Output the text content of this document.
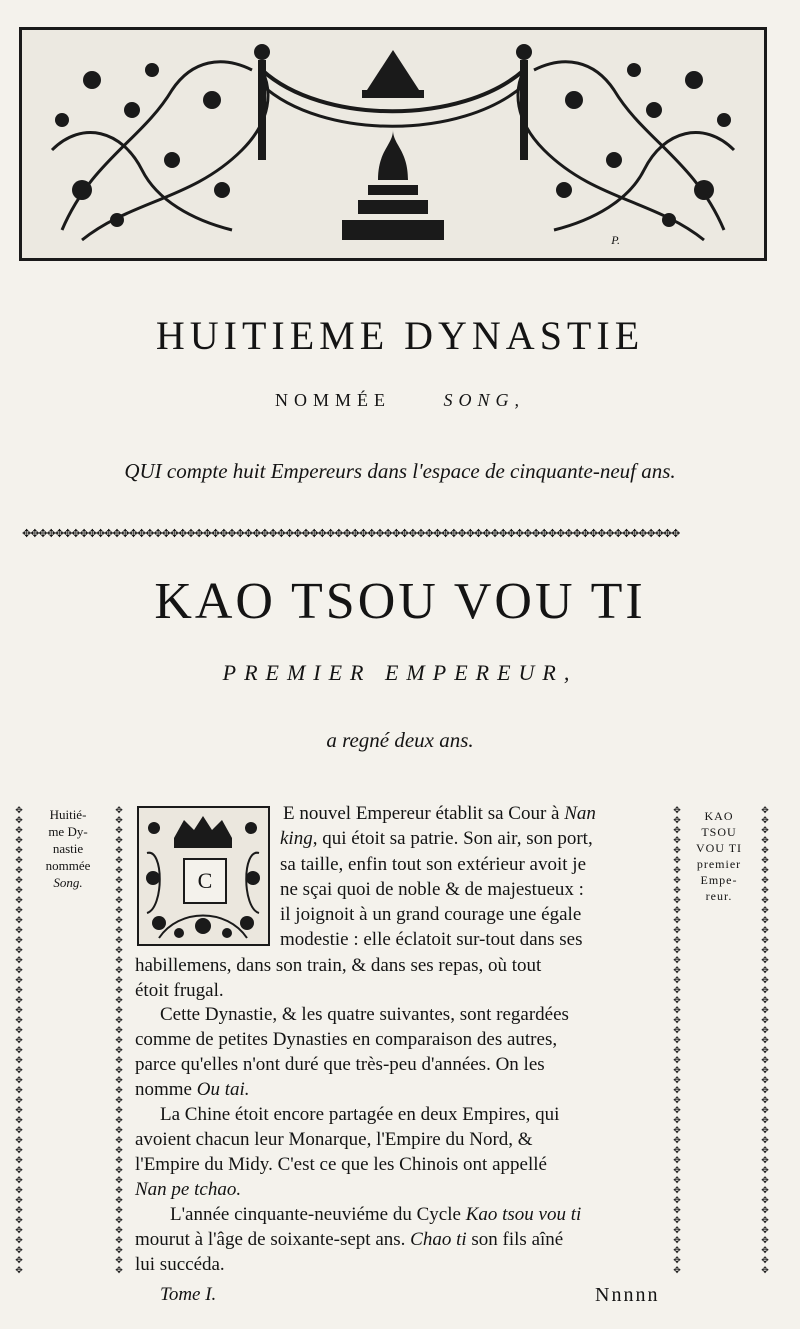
P.
HUITIEME DYNASTIE
NOMMÉE	SONG,
QUI compte huit Empereurs dans l'espace de cinquante-neuf ans.
✥✥✥✥✥✥✥✥✥✥✥✥✥✥✥✥✥✥✥✥✥✥✥✥✥✥✥✥✥✥✥✥✥✥✥✥✥✥✥✥✥✥✥✥✥✥✥✥✥✥✥✥✥✥✥✥✥✥✥✥✥✥✥✥✥✥✥✥✥✥✥✥✥✥✥✥✥✥✥✥
KAO TSOU VOU TI
PREMIER EMPEREUR,
a regné deux ans.
✥
✥
✥
✥
✥
✥
✥
✥
✥
✥
✥
✥
✥
✥
✥
✥
✥
✥
✥
✥
✥
✥
✥
✥
✥
✥
✥
✥
✥
✥
✥
✥
✥
✥
✥
✥
✥
✥
✥
✥
✥
✥
✥
✥
✥
✥
✥
✥
✥
✥
✥
✥
✥
✥
✥
✥
✥
✥
✥
✥
✥
✥
✥
✥
✥
✥
✥
✥
✥
✥
✥
✥
✥
✥
✥
✥
✥
✥
✥
✥
✥
✥
✥
✥
✥
✥
✥
✥
✥
✥
✥
✥
✥
✥
✥
✥
✥
✥
✥
✥
✥
✥
✥
✥
✥
✥
✥
✥
✥
✥
✥
✥
✥
✥
✥
✥
✥
✥
✥
✥
✥
✥
✥
✥
✥
✥
✥
✥
✥
✥
✥
✥
✥
✥
✥
✥
✥
✥
✥
✥
✥
✥
✥
✥
✥
✥
✥
✥
✥
✥
✥
✥
✥
✥
✥
✥
✥
✥
✥
✥
✥
✥
✥
✥
✥
✥
✥
✥
✥
✥
✥
✥
✥
✥
✥
✥
✥
✥
✥
✥
✥
✥
✥
✥
✥
✥
✥
✥
Huitié-
me Dy-
nastie
nommée
Song.
KAO
TSOU
VOU TI
premier
Empe-
reur.
C
E nouvel Empereur établit sa Cour à Nan
king, qui étoit sa patrie. Son air, son port,
sa taille, enfin tout son extérieur avoit je
ne sçai quoi de noble & de majestueux :
il joignoit à un grand courage une égale
modestie : elle éclatoit sur-tout dans ses
habillemens, dans son train, & dans ses repas, où tout
étoit frugal.
Cette Dynastie, & les quatre suivantes, sont regardées
comme de petites Dynasties en comparaison des autres,
parce qu'elles n'ont duré que très-peu d'années. On les
nomme Ou tai.
La Chine étoit encore partagée en deux Empires, qui
avoient chacun leur Monarque, l'Empire du Nord, &
l'Empire du Midy. C'est ce que les Chinois ont appellé
Nan pe tchao.
L'année cinquante-neuviéme du Cycle Kao tsou vou ti
mourut à l'âge de soixante-sept ans. Chao ti son fils aîné
lui succéda.
Tome I.	Nnnnn
